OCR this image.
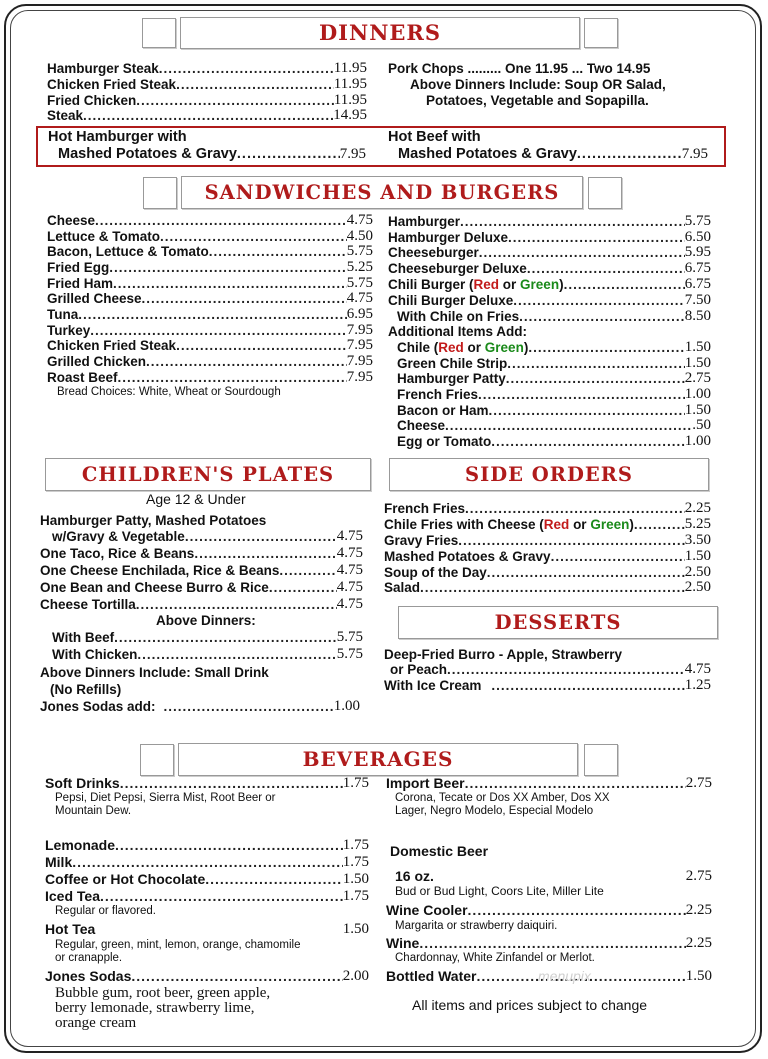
DINNERS
Hamburger Steak .....	11.95
Chicken Fried Steak .....	11.95
Fried Chicken .....	11.95
Steak .....	14.95
Pork Chops ......... One 11.95 ... Two 14.95
Above Dinners Include: Soup OR Salad,
Potatoes, Vegetable and Sopapilla.
Hot Hamburger with
Mashed Potatoes & Gravy .....	7.95
Hot Beef with
Mashed Potatoes & Gravy .....	7.95
SANDWICHES AND BURGERS
Cheese .....	4.75
Lettuce & Tomato .....	4.50
Bacon, Lettuce & Tomato .....	5.75
Fried Egg .....	5.25
Fried Ham .....	5.75
Grilled Cheese .....	4.75
Tuna .....	6.95
Turkey .....	7.95
Chicken Fried Steak .....	7.95
Grilled Chicken .....	7.95
Roast Beef .....	7.95
Bread Choices: White, Wheat or Sourdough
Hamburger .....	5.75
Hamburger Deluxe .....	6.50
Cheeseburger .....	5.95
Cheeseburger Deluxe .....	6.75
Chili Burger (Red or Green) .....	6.75
Chili Burger Deluxe .....	7.50
With Chile on Fries .....	8.50
Additional Items Add:
Chile (Red or Green) .....	1.50
Green Chile Strip .....	1.50
Hamburger Patty .....	2.75
French Fries .....	1.00
Bacon or Ham .....	1.50
Cheese .....	.50
Egg or Tomato .....	1.00
CHILDREN'S PLATES
Age 12 & Under
Hamburger Patty, Mashed Potatoes
w/Gravy & Vegetable .....	4.75
One Taco, Rice & Beans .....	4.75
One Cheese Enchilada, Rice & Beans .....	4.75
One Bean and Cheese Burro & Rice .....	4.75
Cheese Tortilla .....	4.75
Above Dinners:
With Beef .....	5.75
With Chicken .....	5.75
Above Dinners Include: Small Drink
(No Refills)
Jones Sodas add: .....	1.00
SIDE ORDERS
French Fries .....	2.25
Chile Fries with Cheese (Red or Green) .....	5.25
Gravy Fries .....	3.50
Mashed Potatoes & Gravy .....	1.50
Soup of the Day .....	2.50
Salad .....	2.50
DESSERTS
Deep-Fried Burro - Apple, Strawberry
or Peach .....	4.75
With Ice Cream .....	1.25
BEVERAGES
Soft Drinks .....	1.75
Pepsi, Diet Pepsi, Sierra Mist, Root Beer or
Mountain Dew.
Lemonade .....	1.75
Milk .....	1.75
Coffee or Hot Chocolate .....	1.50
Iced Tea .....	1.75
Regular or flavored.
Hot Tea	1.50
Regular, green, mint, lemon, orange, chamomile
or cranapple.
Jones Sodas .....	2.00
Bubble gum, root beer, green apple,
berry lemonade, strawberry lime,
orange cream
Import Beer .....	2.75
Corona, Tecate or Dos XX Amber, Dos XX
Lager, Negro Modelo, Especial Modelo
Domestic Beer
16 oz.	2.75
Bud or Bud Light, Coors Lite, Miller Lite
Wine Cooler .....	2.25
Margarita or strawberry daiquiri.
Wine .....	2.25
Chardonnay, White Zinfandel or Merlot.
Bottled Water .....	1.50
All items and prices subject to change
menupix
